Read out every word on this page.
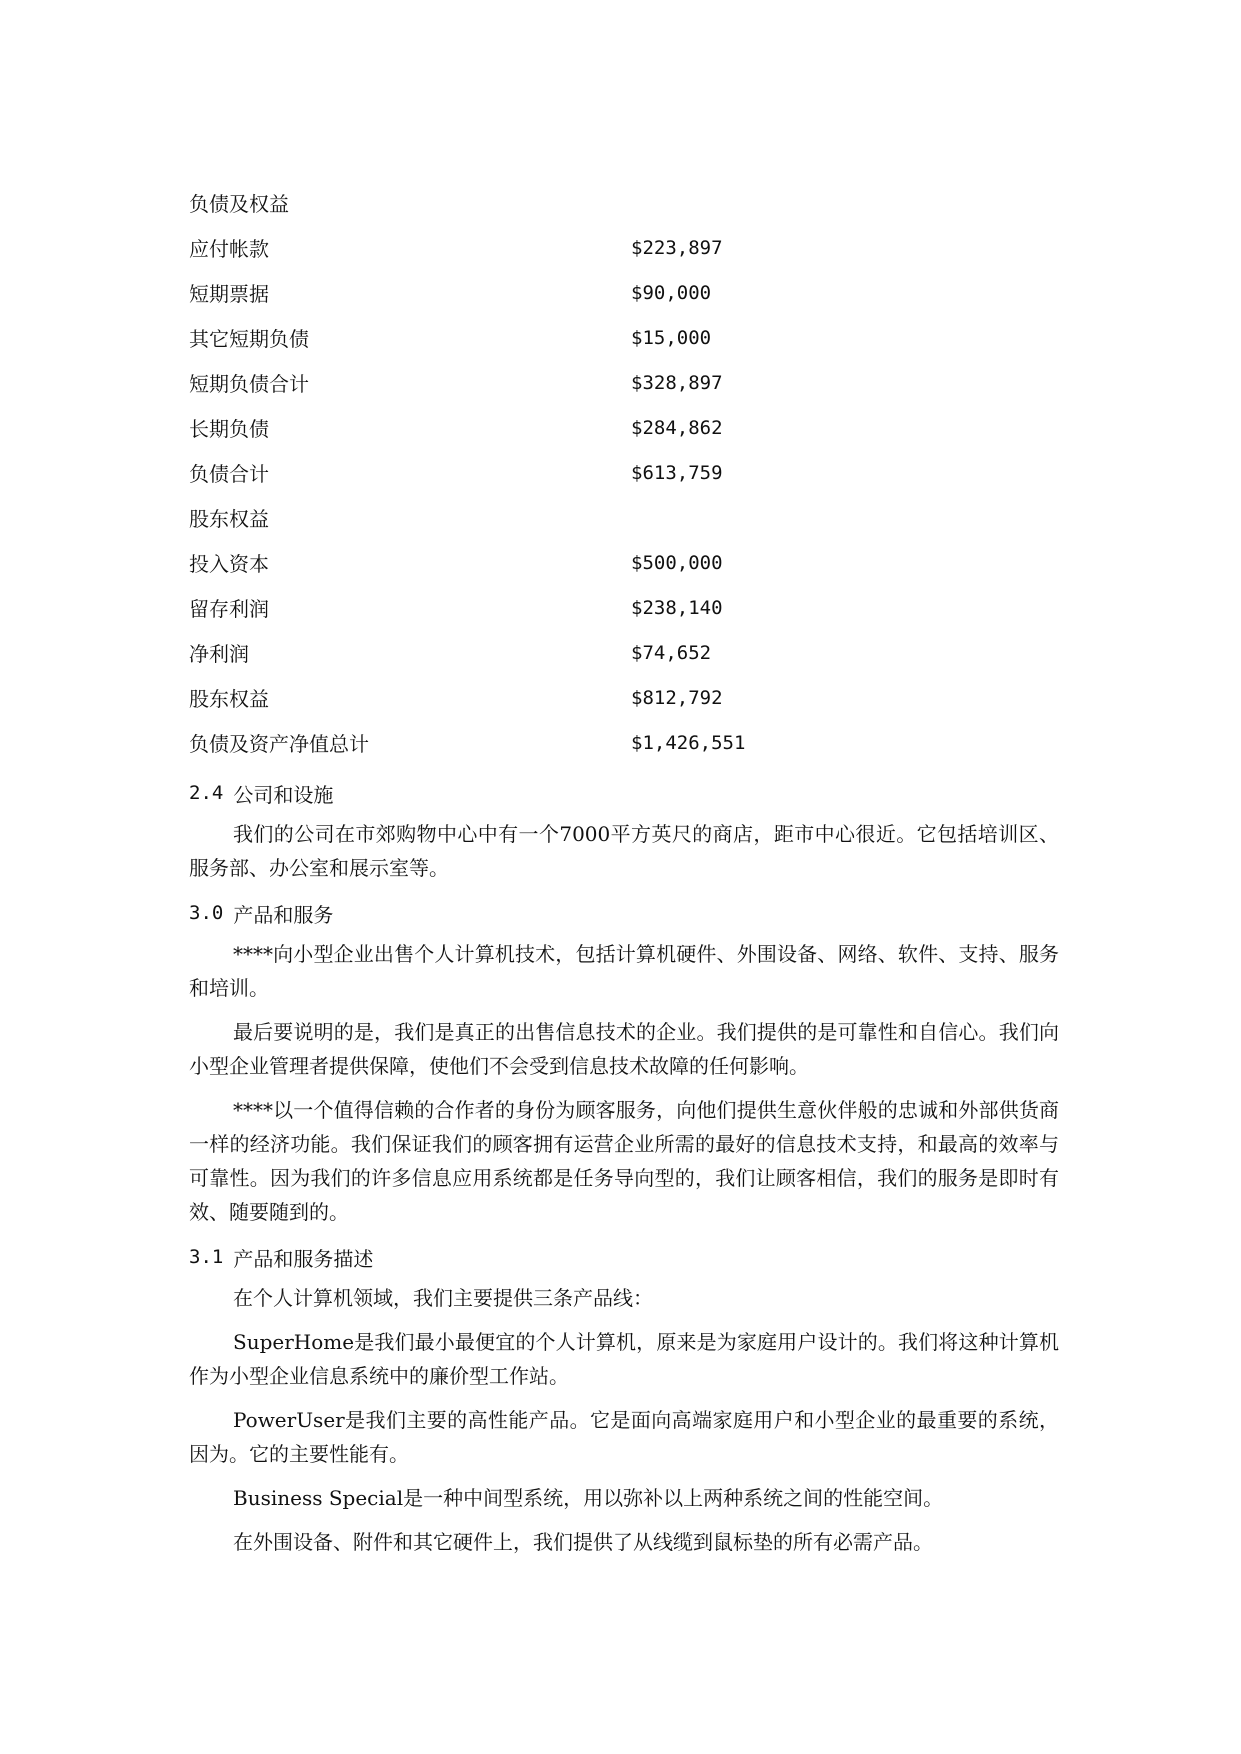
负债及权益
应付帐款	$223,897
短期票据	$90,000
其它短期负债	$15,000
短期负债合计	$328,897
长期负债	$284,862
负债合计	$613,759
股东权益
投入资本	$500,000
留存利润	$238,140
净利润	$74,652
股东权益	$812,792
负债及资产净值总计	$1,426,551
2.4 公司和设施

我们的公司在市郊购物中心中有一个7000平方英尺的商店，距市中心很近。它包括培训区、服务部、办公室和展示室等。

3.0 产品和服务

****向小型企业出售个人计算机技术，包括计算机硬件、外围设备、网络、软件、支持、服务和培训。

最后要说明的是，我们是真正的出售信息技术的企业。我们提供的是可靠性和自信心。我们向小型企业管理者提供保障，使他们不会受到信息技术故障的任何影响。

****以一个值得信赖的合作者的身份为顾客服务，向他们提供生意伙伴般的忠诚和外部供货商一样的经济功能。我们保证我们的顾客拥有运营企业所需的最好的信息技术支持，和最高的效率与可靠性。因为我们的许多信息应用系统都是任务导向型的，我们让顾客相信，我们的服务是即时有效、随要随到的。

3.1 产品和服务描述

在个人计算机领域，我们主要提供三条产品线：

SuperHome是我们最小最便宜的个人计算机，原来是为家庭用户设计的。我们将这种计算机作为小型企业信息系统中的廉价型工作站。

PowerUser是我们主要的高性能产品。它是面向高端家庭用户和小型企业的最重要的系统，因为。它的主要性能有。

Business Special是一种中间型系统，用以弥补以上两种系统之间的性能空间。

在外围设备、附件和其它硬件上，我们提供了从线缆到鼠标垫的所有必需产品。
